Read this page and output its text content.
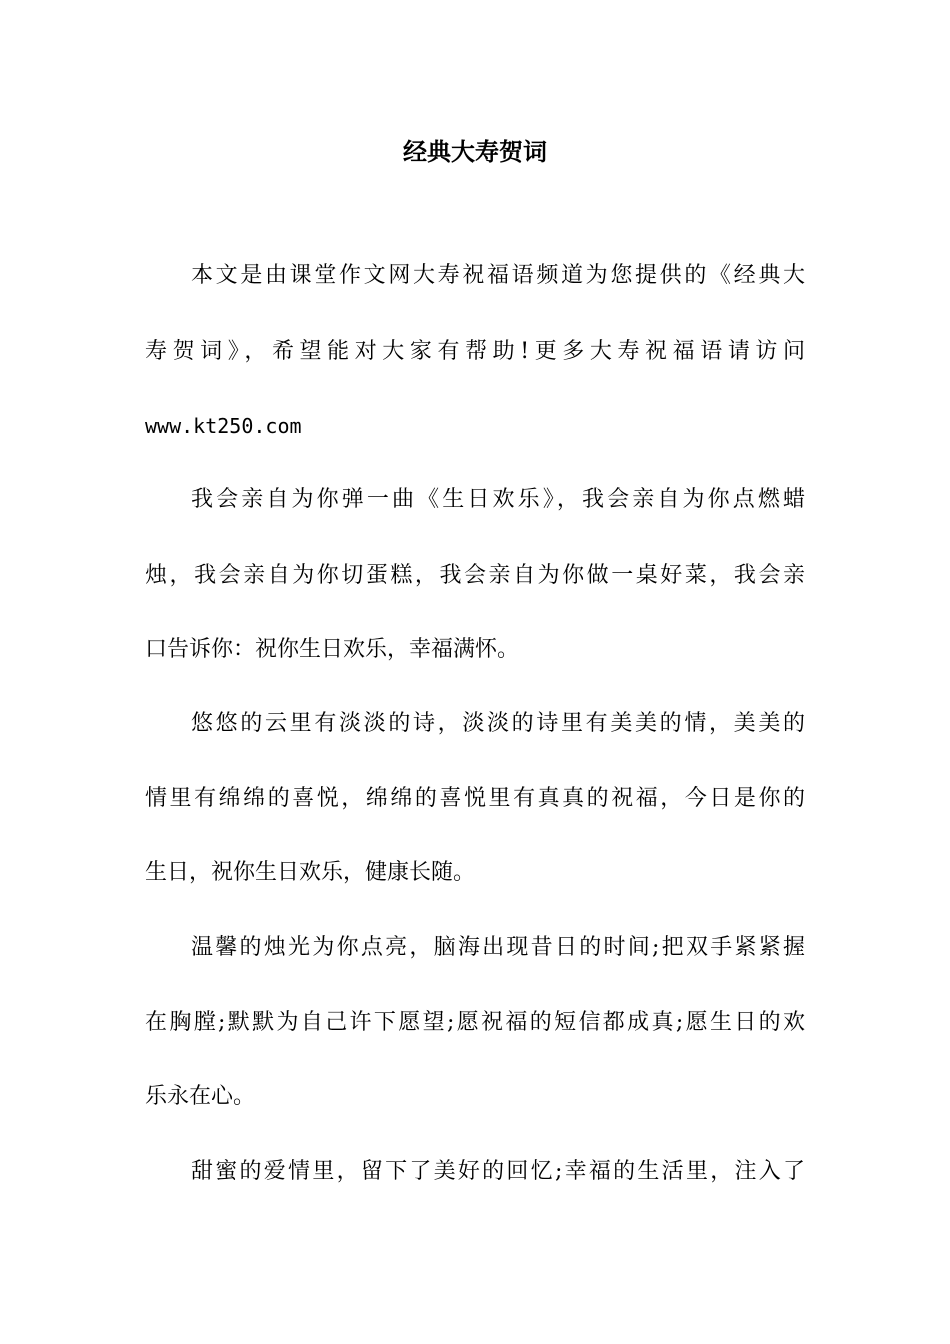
经典大寿贺词
本文是由课堂作文网大寿祝福语频道为您提供的《经典大
寿贺词》，希望能对大家有帮助!更多大寿祝福语请访问
www.kt250.com
我会亲自为你弹一曲《生日欢乐》，我会亲自为你点燃蜡
烛，我会亲自为你切蛋糕，我会亲自为你做一桌好菜，我会亲
口告诉你：祝你生日欢乐，幸福满怀。
悠悠的云里有淡淡的诗，淡淡的诗里有美美的情，美美的
情里有绵绵的喜悦，绵绵的喜悦里有真真的祝福，今日是你的
生日，祝你生日欢乐，健康长随。
温馨的烛光为你点亮，脑海出现昔日的时间;把双手紧紧握
在胸膛;默默为自己许下愿望;愿祝福的短信都成真;愿生日的欢
乐永在心。
甜蜜的爱情里，留下了美好的回忆;幸福的生活里，注入了
